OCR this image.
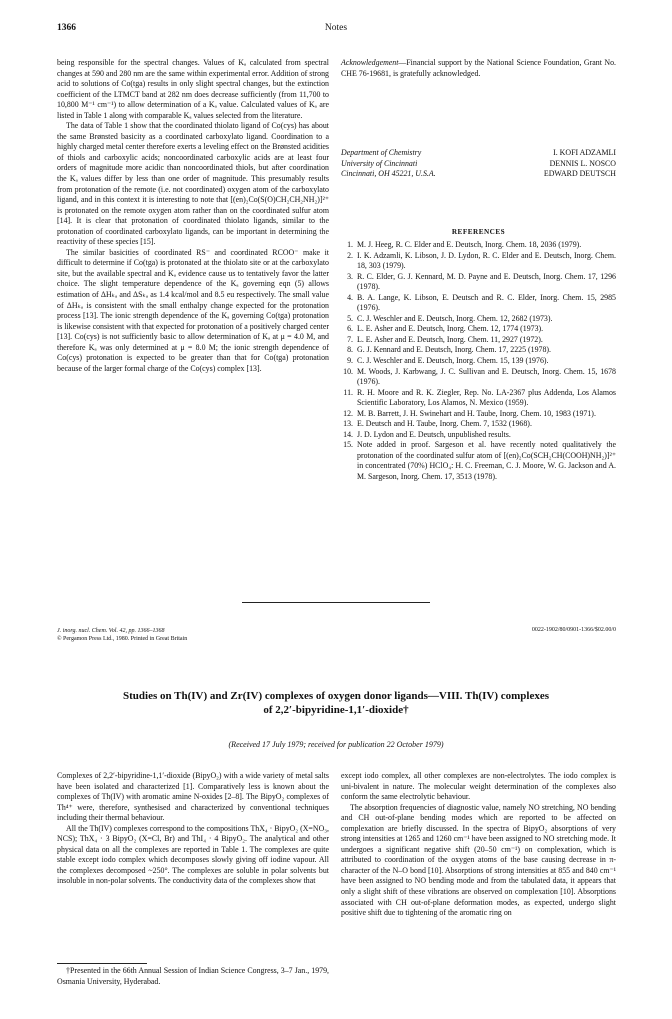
1366	Notes

being responsible for the spectral changes. Values of Kₐ calculated from spectral changes at 590 and 280 nm are the same within experimental error. Addition of strong acid to solutions of Co(tga) results in only slight spectral changes, but the extinction coefficient of the LTMCT band at 282 nm does decrease sufficiently (from 11,700 to 10,800 M⁻¹ cm⁻¹) to allow determination of a Kₐ value. Calculated values of Kₐ are listed in Table 1 along with comparable Kₐ values selected from the literature.

The data of Table 1 show that the coordinated thiolato ligand of Co(cys) has about the same Brønsted basicity as a coordinated carboxylato ligand. Coordination to a highly charged metal center therefore exerts a leveling effect on the Brønsted acidities of thiols and carboxylic acids; noncoordinated carboxylic acids are at least four orders of magnitude more acidic than noncoordinated thiols, but after coordination the Kₐ values differ by less than one order of magnitude. This presumably results from protonation of the remote (i.e. not coordinated) oxygen atom of the carboxylato ligand, and in this context it is interesting to note that [(en)₂Co(S(O)CH₂CH₂NH₂)]²⁺ is protonated on the remote oxygen atom rather than on the coordinated sulfur atom [14]. It is clear that protonation of coordinated thiolato ligands, similar to the protonation of coordinated carboxylato ligands, can be important in determining the reactivity of these species [15].

The similar basicities of coordinated RS⁻ and coordinated RCOO⁻ make it difficult to determine if Co(tga) is protonated at the thiolato site or at the carboxylato site, but the available spectral and Kₐ evidence cause us to tentatively favor the latter choice. The slight temperature dependence of the Kₐ governing eqn (5) allows estimation of ΔHₖₐ and ΔSₖₐ as 1.4 kcal/mol and 8.5 eu respectively. The small value of ΔHₖₐ is consistent with the small enthalpy change expected for the protonation process [13]. The ionic strength dependence of the Kₐ governing Co(tga) protonation is likewise consistent with that expected for protonation of a positively charged center [13]. Co(cys) is not sufficiently basic to allow determination of Kₐ at μ = 4.0 M, and therefore Kₐ was only determined at μ = 8.0 M; the ionic strength dependence of Co(cys) protonation is expected to be greater than that for Co(tga) protonation because of the larger formal charge of the Co(cys) complex [13].

Acknowledgement—Financial support by the National Science Foundation, Grant No. CHE 76-19681, is gratefully acknowledged.

Department of Chemistry
University of Cincinnati
Cincinnati, OH 45221, U.S.A.
I. KOFI ADZAMLI
DENNIS L. NOSCO
EDWARD DEUTSCH
REFERENCES
1. M. J. Heeg, R. C. Elder and E. Deutsch, Inorg. Chem. 18, 2036 (1979).
2. I. K. Adzamli, K. Libson, J. D. Lydon, R. C. Elder and E. Deutsch, Inorg. Chem. 18, 303 (1979).
3. R. C. Elder, G. J. Kennard, M. D. Payne and E. Deutsch, Inorg. Chem. 17, 1296 (1978).
4. B. A. Lange, K. Libson, E. Deutsch and R. C. Elder, Inorg. Chem. 15, 2985 (1976).
5. C. J. Weschler and E. Deutsch, Inorg. Chem. 12, 2682 (1973).
6. L. E. Asher and E. Deutsch, Inorg. Chem. 12, 1774 (1973).
7. L. E. Asher and E. Deutsch, Inorg. Chem. 11, 2927 (1972).
8. G. J. Kennard and E. Deutsch, Inorg. Chem. 17, 2225 (1978).
9. C. J. Weschler and E. Deutsch, Inorg. Chem. 15, 139 (1976).
10. M. Woods, J. Karbwang, J. C. Sullivan and E. Deutsch, Inorg. Chem. 15, 1678 (1976).
11. R. H. Moore and R. K. Ziegler, Rep. No. LA-2367 plus Addenda, Los Alamos Scientific Laboratory, Los Alamos, N. Mexico (1959).
12. M. B. Barrett, J. H. Swinehart and H. Taube, Inorg. Chem. 10, 1983 (1971).
13. E. Deutsch and H. Taube, Inorg. Chem. 7, 1532 (1968).
14. J. D. Lydon and E. Deutsch, unpublished results.
15. Note added in proof. Sargeson et al. have recently noted qualitatively the protonation of the coordinated sulfur atom of [(en)₂Co(SCH₂CH(COOH)NH₂)]²⁺ in concentrated (70%) HClO₄: H. C. Freeman, C. J. Moore, W. G. Jackson and A. M. Sargeson, Inorg. Chem. 17, 3513 (1978).
J. inorg. nucl. Chem. Vol. 42, pp. 1366–1368
© Pergamon Press Ltd., 1980. Printed in Great Britain
0022-1902/80/0901-1366/$02.00/0
Studies on Th(IV) and Zr(IV) complexes of oxygen donor ligands—VIII. Th(IV) complexes
of 2,2′-bipyridine-1,1′-dioxide†
(Received 17 July 1979; received for publication 22 October 1979)

Complexes of 2,2′-bipyridine-1,1′-dioxide (BipyO₂) with a wide variety of metal salts have been isolated and characterized [1]. Comparatively less is known about the complexes of Th(IV) with aromatic amine N-oxides [2–8]. The BipyO₂ complexes of Th⁴⁺ were, therefore, synthesised and characterized by conventional techniques including their thermal behaviour.

All the Th(IV) complexes correspond to the compositions ThX₄ · BipyO₂ (X=NO₃, NCS); ThX₄ · 3 BipyO₂ (X=Cl, Br) and ThI₄ · 4 BipyO₂. The analytical and other physical data on all the complexes are reported in Table 1. The complexes are quite stable except iodo complex which decomposes slowly giving off iodine vapour. All the complexes decomposed ~250°. The complexes are soluble in polar solvents but insoluble in non-polar solvents. The conductivity data of the complexes show that

except iodo complex, all other complexes are non-electrolytes. The iodo complex is uni-bivalent in nature. The molecular weight determination of the complexes also conform the same electrolytic behaviour.

The absorption frequencies of diagnostic value, namely NO stretching, NO bending and CH out-of-plane bending modes which are reported to be affected on complexation are briefly discussed. In the spectra of BipyO₂ absorptions of very strong intensities at 1265 and 1260 cm⁻¹ have been assigned to NO stretching mode. It undergoes a significant negative shift (20–50 cm⁻¹) on complexation, which is attributed to coordination of the oxygen atoms of the base causing decrease in π-character of the N–O bond [10]. Absorptions of strong intensities at 855 and 840 cm⁻¹ have been assigned to NO bending mode and from the tabulated data, it appears that only a slight shift of these vibrations are observed on complexation [10]. Absorptions associated with CH out-of-plane deformation modes, as expected, undergo slight positive shift due to tightening of the aromatic ring on

†Presented in the 66th Annual Session of Indian Science Congress, 3–7 Jan., 1979, Osmania University, Hyderabad.
